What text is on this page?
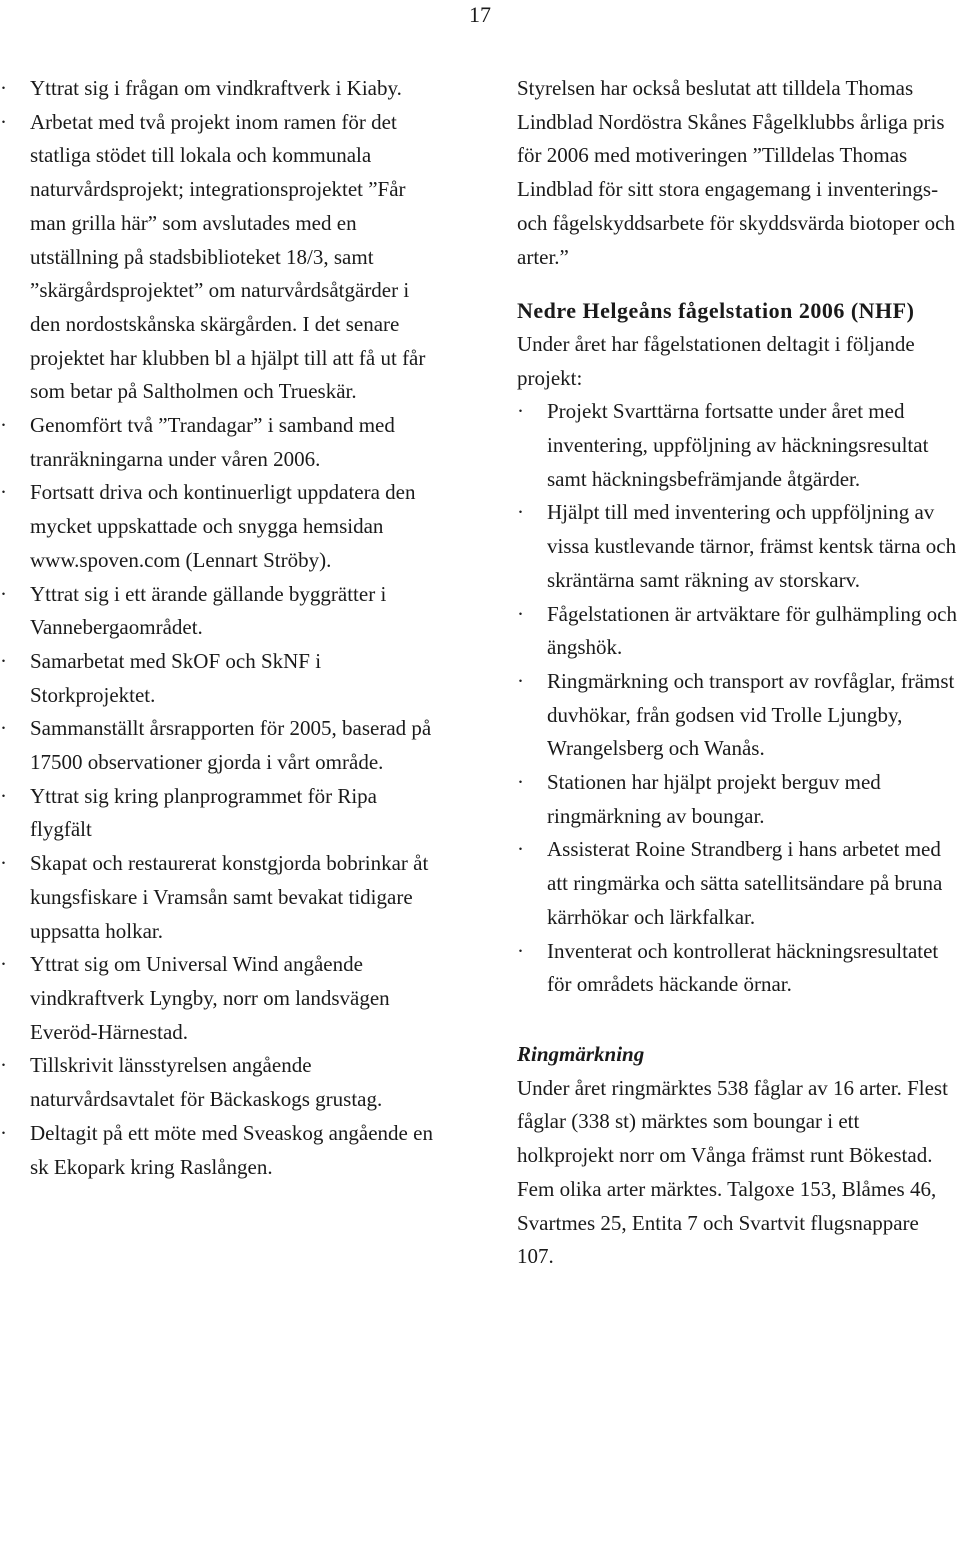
17
· Yttrat sig i frågan om vindkraftverk i Kiaby.
· Arbetat med två projekt inom ramen för det statliga stödet till lokala och kommunala naturvårdsprojekt; integrationsprojektet ”Får man grilla här” som avslutades med en utställning på stadsbiblioteket 18/3, samt ”skärgårdsprojektet” om naturvårdsåtgärder i den nordostskånska skärgården. I det senare projektet har klubben bl a hjälpt till att få ut får som betar på Saltholmen och Trueskär.
· Genomfört två ”Trandagar” i samband med tranräkningarna under våren 2006.
· Fortsatt driva och kontinuerligt uppdatera den mycket uppskattade och snygga hemsidan www.spoven.com (Lennart Ströby).
· Yttrat sig i ett ärande gällande byggrätter i Vannebergaområdet.
· Samarbetat med SkOF och SkNF i Storkprojektet.
· Sammanställt årsrapporten för 2005, baserad på 17500 observationer gjorda i vårt område.
· Yttrat sig kring planprogrammet för Ripa flygfält
· Skapat och restaurerat konstgjorda bobrinkar åt kungsfiskare i Vramsån samt bevakat tidigare uppsatta holkar.
· Yttrat sig om Universal Wind angående vindkraftverk Lyngby, norr om landsvägen Everöd-Härnestad.
· Tillskrivit länsstyrelsen angående naturvårdsavtalet för Bäckaskogs grustag.
· Deltagit på ett möte med Sveaskog angående en sk Ekopark kring Raslången.

Styrelsen har också beslutat att tilldela Thomas Lindblad Nordöstra Skånes Fågelklubbs årliga pris för 2006 med motiveringen ”Tilldelas Thomas Lindblad för sitt stora engagemang i inventerings- och fågelskyddsarbete för skyddsvärda biotoper och arter.”

Nedre Helgeåns fågelstation 2006 (NHF)

Under året har fågelstationen deltagit i följande projekt:

· Projekt Svarttärna fortsatte under året med inventering, uppföljning av häckningsresultat samt häckningsbefrämjande åtgärder.
· Hjälpt till med inventering och uppföljning av vissa kustlevande tärnor, främst kentsk tärna och skräntärna samt räkning av storskarv.
· Fågelstationen är artväktare för gulhämpling och ängshök.
· Ringmärkning och transport av rovfåglar, främst duvhökar, från godsen vid Trolle Ljungby, Wrangelsberg och Wanås.
· Stationen har hjälpt projekt berguv med ringmärkning av boungar.
· Assisterat Roine Strandberg i hans arbetet med att ringmärka och sätta satellitsändare på bruna kärrhökar och lärkfalkar.
· Inventerat och kontrollerat häckningsresultatet för områdets häckande örnar.

Ringmärkning

Under året ringmärktes 538 fåglar av 16 arter. Flest fåglar (338 st) märktes som boungar i ett holkprojekt norr om Vånga främst runt Bökestad. Fem olika arter märktes. Talgoxe 153, Blåmes 46, Svartmes 25, Entita 7 och Svartvit flugsnappare 107.
